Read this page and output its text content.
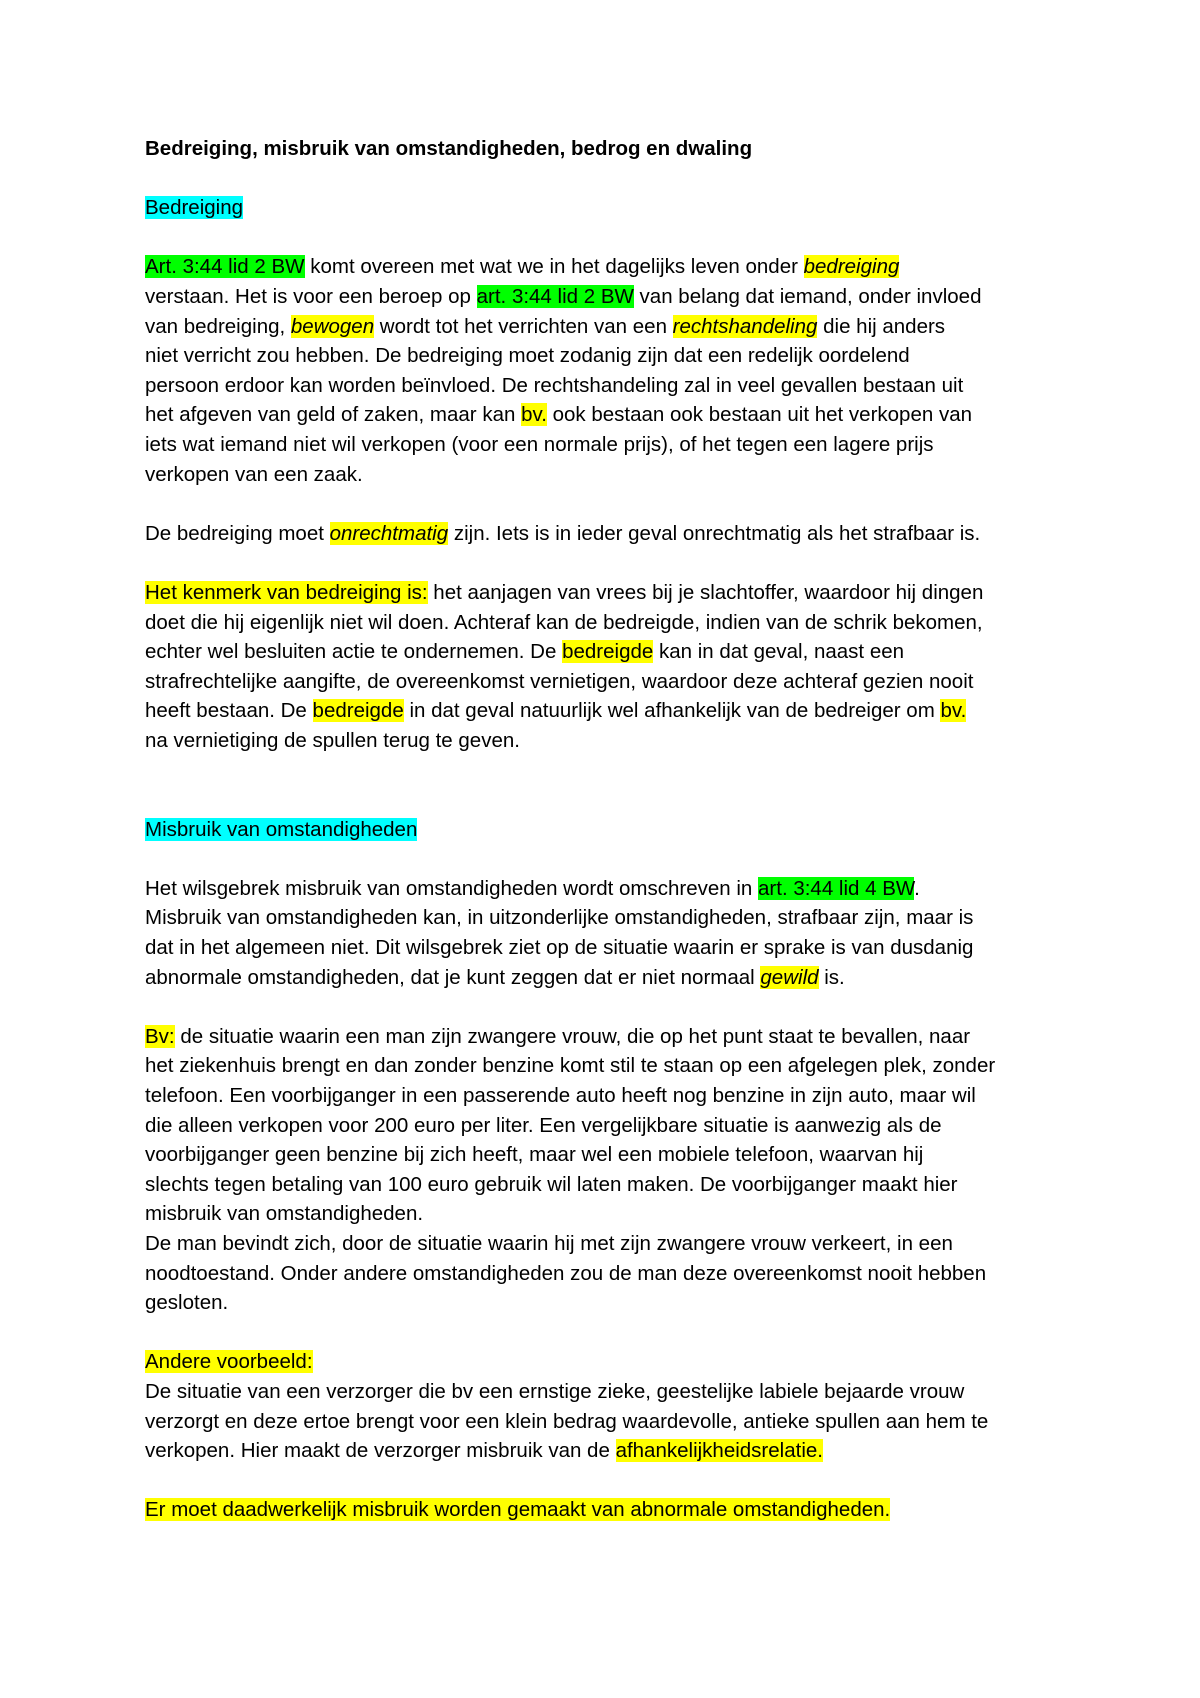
Bedreiging, misbruik van omstandigheden, bedrog en dwaling
Bedreiging
Art. 3:44 lid 2 BW komt overeen met wat we in het dagelijks leven onder bedreiging
verstaan. Het is voor een beroep op art. 3:44 lid 2 BW van belang dat iemand, onder invloed
van bedreiging, bewogen wordt tot het verrichten van een rechtshandeling die hij anders
niet verricht zou hebben. De bedreiging moet zodanig zijn dat een redelijk oordelend
persoon erdoor kan worden beïnvloed. De rechtshandeling zal in veel gevallen bestaan uit
het afgeven van geld of zaken, maar kan bv. ook bestaan ook bestaan uit het verkopen van
iets wat iemand niet wil verkopen (voor een normale prijs), of het tegen een lagere prijs
verkopen van een zaak.
De bedreiging moet onrechtmatig zijn. Iets is in ieder geval onrechtmatig als het strafbaar is.
Het kenmerk van bedreiging is: het aanjagen van vrees bij je slachtoffer, waardoor hij dingen
doet die hij eigenlijk niet wil doen. Achteraf kan de bedreigde, indien van de schrik bekomen,
echter wel besluiten actie te ondernemen. De bedreigde kan in dat geval, naast een
strafrechtelijke aangifte, de overeenkomst vernietigen, waardoor deze achteraf gezien nooit
heeft bestaan. De bedreigde in dat geval natuurlijk wel afhankelijk van de bedreiger om bv.
na vernietiging de spullen terug te geven.
Misbruik van omstandigheden
Het wilsgebrek misbruik van omstandigheden wordt omschreven in art. 3:44 lid 4 BW.
Misbruik van omstandigheden kan, in uitzonderlijke omstandigheden, strafbaar zijn, maar is
dat in het algemeen niet. Dit wilsgebrek ziet op de situatie waarin er sprake is van dusdanig
abnormale omstandigheden, dat je kunt zeggen dat er niet normaal gewild is.
Bv: de situatie waarin een man zijn zwangere vrouw, die op het punt staat te bevallen, naar
het ziekenhuis brengt en dan zonder benzine komt stil te staan op een afgelegen plek, zonder
telefoon. Een voorbijganger in een passerende auto heeft nog benzine in zijn auto, maar wil
die alleen verkopen voor 200 euro per liter. Een vergelijkbare situatie is aanwezig als de
voorbijganger geen benzine bij zich heeft, maar wel een mobiele telefoon, waarvan hij
slechts tegen betaling van 100 euro gebruik wil laten maken. De voorbijganger maakt hier
misbruik van omstandigheden.
De man bevindt zich, door de situatie waarin hij met zijn zwangere vrouw verkeert, in een
noodtoestand. Onder andere omstandigheden zou de man deze overeenkomst nooit hebben
gesloten.
Andere voorbeeld:
De situatie van een verzorger die bv een ernstige zieke, geestelijke labiele bejaarde vrouw
verzorgt en deze ertoe brengt voor een klein bedrag waardevolle, antieke spullen aan hem te
verkopen. Hier maakt de verzorger misbruik van de afhankelijkheidsrelatie.
Er moet daadwerkelijk misbruik worden gemaakt van abnormale omstandigheden.
